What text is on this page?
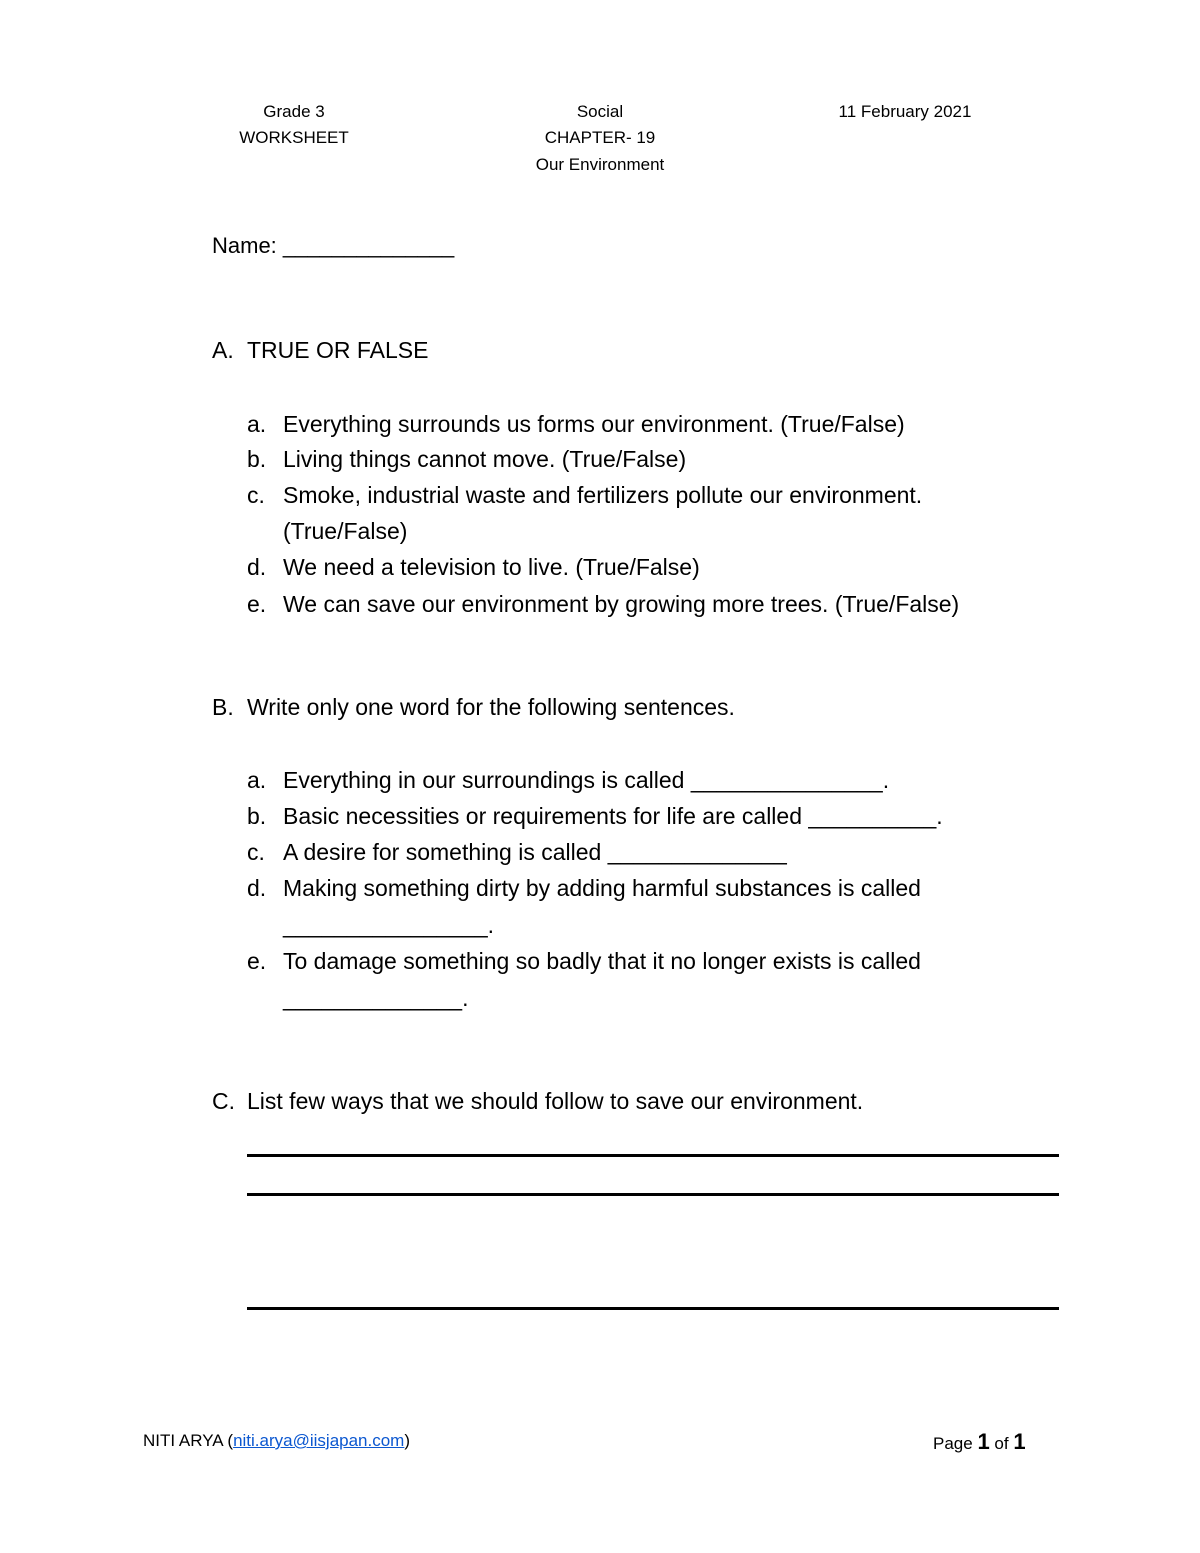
Grade 3
WORKSHEET
Social
CHAPTER- 19
Our Environment
11 February 2021
Name: ______________
A. TRUE OR FALSE
a. Everything surrounds us forms our environment. (True/False)
b. Living things cannot move. (True/False)
c. Smoke, industrial waste and fertilizers pollute our environment.
(True/False)
d. We need a television to live. (True/False)
e. We can save our environment by growing more trees. (True/False)
B. Write only one word for the following sentences.
a. Everything in our surroundings is called _______________.
b. Basic necessities or requirements for life are called __________.
c. A desire for something is called ______________
d. Making something dirty by adding harmful substances is called
________________.
e. To damage something so badly that it no longer exists is called
______________.
C. List few ways that we should follow to save our environment.
NITI ARYA (niti.arya@iisjapan.com)	Page 1 of 1
